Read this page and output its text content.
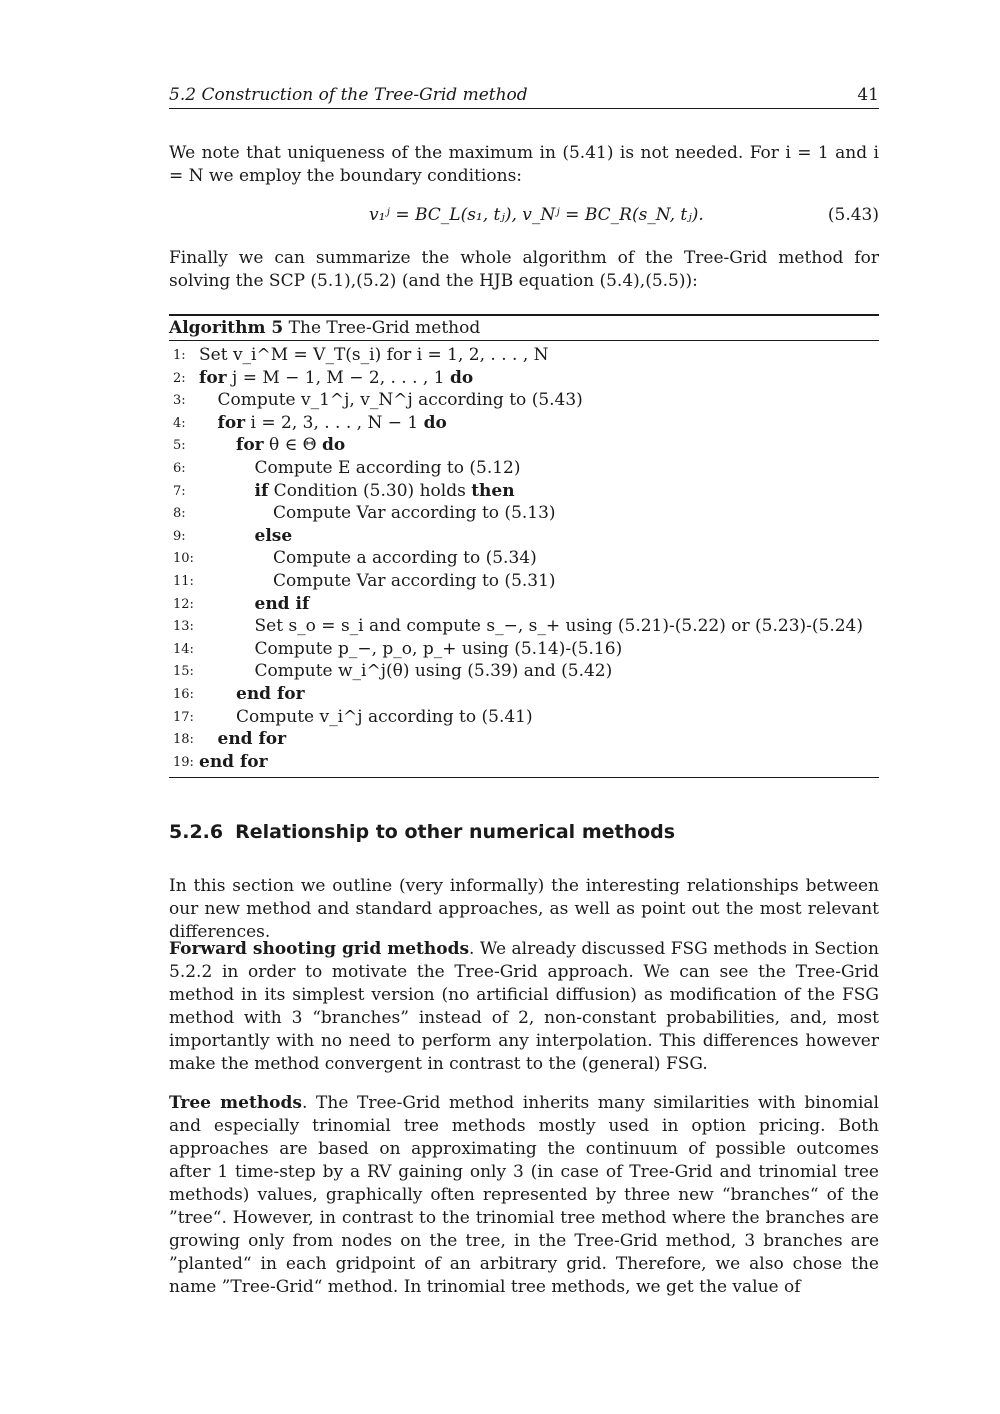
5.2 Construction of the Tree-Grid method	41

We note that uniqueness of the maximum in (5.41) is not needed. For i = 1 and i = N we employ the boundary conditions:

v₁ʲ = BC_L(s₁, tⱼ), v_Nʲ = BC_R(s_N, tⱼ).	(5.43)

Finally we can summarize the whole algorithm of the Tree-Grid method for solving the SCP (5.1),(5.2) (and the HJB equation (5.4),(5.5)):

Algorithm 5 The Tree-Grid method
1: Set v_i^M = V_T(s_i) for i = 1, 2, . . . , N
2: for j = M − 1, M − 2, . . . , 1 do
3:	Compute v_1^j, v_N^j according to (5.43)
4:	for i = 2, 3, . . . , N − 1 do
5:	for θ ∈ Θ do
6:	Compute E according to (5.12)
7:	if Condition (5.30) holds then
8:	Compute Var according to (5.13)
9:	else
10:	Compute a according to (5.34)
11:	Compute Var according to (5.31)
12:	end if
13:	Set s_o = s_i and compute s_−, s_+ using (5.21)-(5.22) or (5.23)-(5.24)
14:	Compute p_−, p_o, p_+ using (5.14)-(5.16)
15:	Compute w_i^j(θ) using (5.39) and (5.42)
16: end for
17: Compute v_i^j according to (5.41)
18: end for
19: end for
5.2.6 Relationship to other numerical methods

In this section we outline (very informally) the interesting relationships between our new method and standard approaches, as well as point out the most relevant differences.

Forward shooting grid methods. We already discussed FSG methods in Section 5.2.2 in order to motivate the Tree-Grid approach. We can see the Tree-Grid method in its simplest version (no artificial diffusion) as modification of the FSG method with 3 “branches” instead of 2, non-constant probabilities, and, most importantly with no need to perform any interpolation. This differences however make the method convergent in contrast to the (general) FSG.

Tree methods. The Tree-Grid method inherits many similarities with binomial and especially trinomial tree methods mostly used in option pricing. Both approaches are based on approximating the continuum of possible outcomes after 1 time-step by a RV gaining only 3 (in case of Tree-Grid and trinomial tree methods) values, graphically often represented by three new “branches“ of the ”tree“. However, in contrast to the trinomial tree method where the branches are growing only from nodes on the tree, in the Tree-Grid method, 3 branches are ”planted“ in each gridpoint of an arbitrary grid. Therefore, we also chose the name ”Tree-Grid“ method. In trinomial tree methods, we get the value of
